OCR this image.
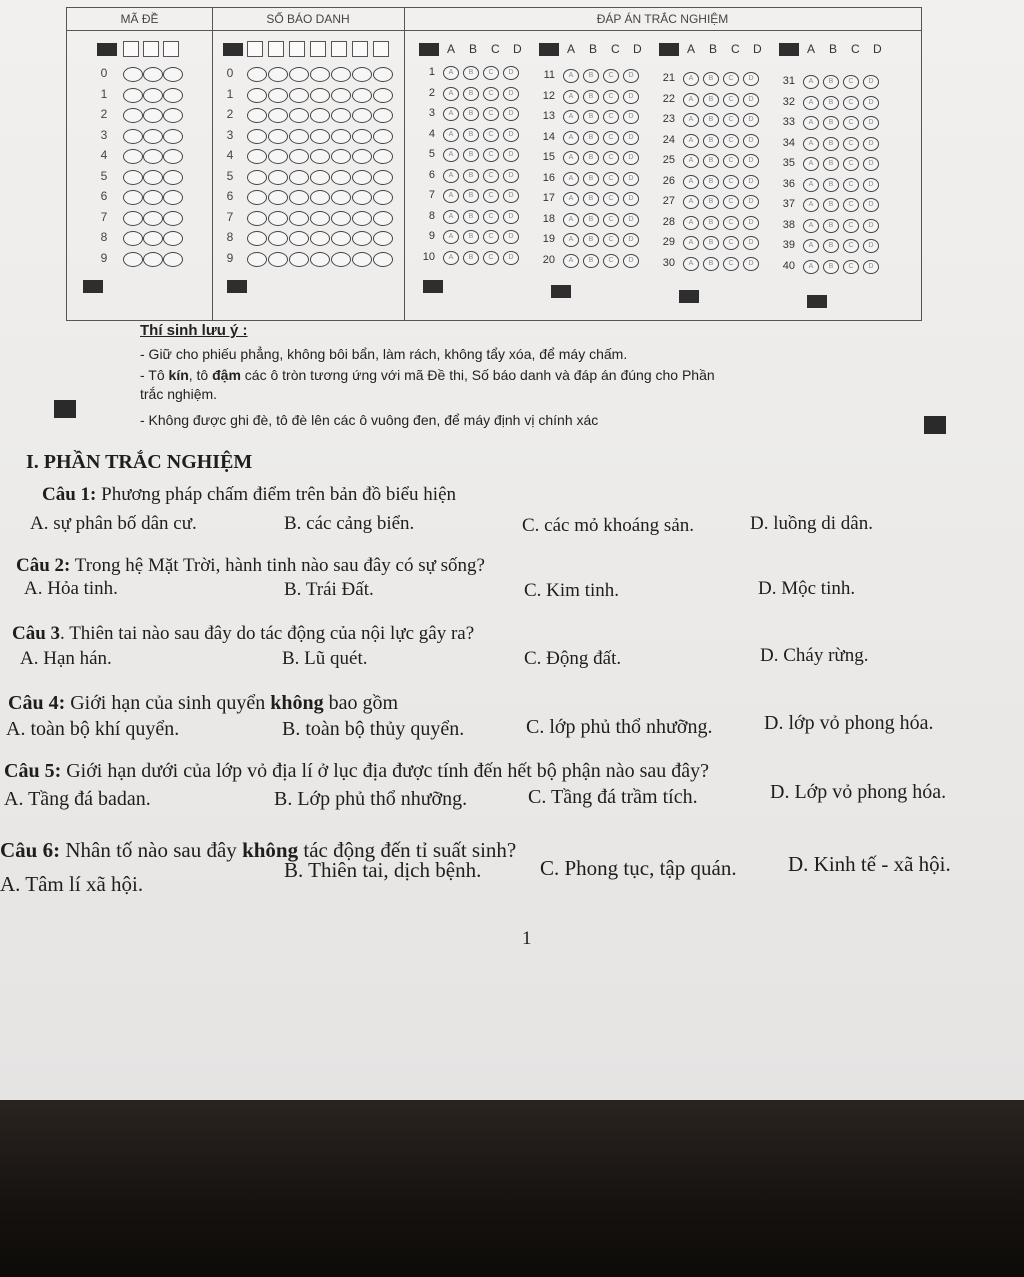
MÃ ĐỀ	SỐ BÁO DANH	ĐÁP ÁN TRẮC NGHIỆM
0
1
2
3
4
5
6
7
8
9
0
1
2
3
4
5
6
7
8
9
A B C D
1	A	B	C	D
2	A	B	C	D
3	A	B	C	D
4	A	B	C	D
5	A	B	C	D
6	A	B	C	D
7	A	B	C	D
8	A	B	C	D
9	A	B	C	D
10	A	B	C	D
A B C D
11	A	B	C	D
12	A	B	C	D
13	A	B	C	D
14	A	B	C	D
15	A	B	C	D
16	A	B	C	D
17	A	B	C	D
18	A	B	C	D
19	A	B	C	D
20	A	B	C	D
A B C D
21	A	B	C	D
22	A	B	C	D
23	A	B	C	D
24	A	B	C	D
25	A	B	C	D
26	A	B	C	D
27	A	B	C	D
28	A	B	C	D
29	A	B	C	D
30	A	B	C	D
A B C D
31	A	B	C	D
32	A	B	C	D
33	A	B	C	D
34	A	B	C	D
35	A	B	C	D
36	A	B	C	D
37	A	B	C	D
38	A	B	C	D
39	A	B	C	D
40	A	B	C	D
Thí sinh lưu ý :
- Giữ cho phiếu phẳng, không bôi bẩn, làm rách, không tẩy xóa, để máy chấm.
- Tô kín, tô đậm các ô tròn tương ứng với mã Đề thi, Số báo danh và đáp án đúng cho Phần
trắc nghiệm.
- Không được ghi đè, tô đè lên các ô vuông đen, để máy định vị chính xác
I. PHẦN TRẮC NGHIỆM
Câu 1: Phương pháp chấm điểm trên bản đồ biểu hiện
A. sự phân bố dân cư.	B. các cảng biển.	C. các mỏ khoáng sản.	D. luồng di dân.
Câu 2: Trong hệ Mặt Trời, hành tinh nào sau đây có sự sống?
A. Hỏa tinh.	B. Trái Đất.	C. Kim tinh.	D. Mộc tinh.
Câu 3. Thiên tai nào sau đây do tác động của nội lực gây ra?
A. Hạn hán.	B. Lũ quét.	C. Động đất.	D. Cháy rừng.
Câu 4: Giới hạn của sinh quyển không bao gồm
A. toàn bộ khí quyển.	B. toàn bộ thủy quyển.	C. lớp phủ thổ nhưỡng.	D. lớp vỏ phong hóa.
Câu 5: Giới hạn dưới của lớp vỏ địa lí ở lục địa được tính đến hết bộ phận nào sau đây?
A. Tầng đá badan.	B. Lớp phủ thổ nhưỡng.	C. Tầng đá trầm tích.	D. Lớp vỏ phong hóa.
Câu 6: Nhân tố nào sau đây không tác động đến tỉ suất sinh?
A. Tâm lí xã hội.
B. Thiên tai, dịch bệnh.	C. Phong tục, tập quán. D. Kinh tế - xã hội.
1
